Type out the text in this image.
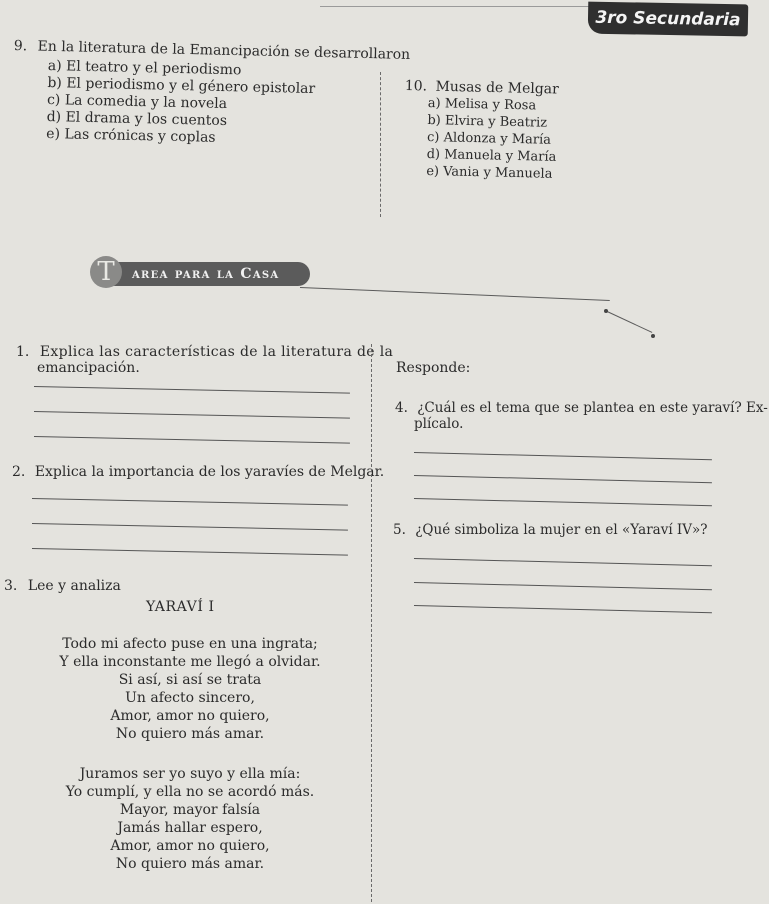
3ro Secundaria
9. En la literatura de la Emancipación se desarrollaron
a) El teatro y el periodismo
b) El periodismo y el género epistolar
c) La comedia y la novela
d) El drama y los cuentos
e) Las crónicas y coplas
10. Musas de Melgar
a) Melisa y Rosa
b) Elvira y Beatriz
c) Aldonza y María
d) Manuela y María
e) Vania y Manuela
area para la Casa
T
1. Explica las características de la literatura de la
emancipación.
2. Explica la importancia de los yaravíes de Melgar.
3. Lee y analiza
YARAVÍ I
Todo mi afecto puse en una ingrata;
Y ella inconstante me llegó a olvidar.
Si así, si así se trata
Un afecto sincero,
Amor, amor no quiero,
No quiero más amar.
Juramos ser yo suyo y ella mía:
Yo cumplí, y ella no se acordó más.
Mayor, mayor falsía
Jamás hallar espero,
Amor, amor no quiero,
No quiero más amar.
Responde:
4. ¿Cuál es el tema que se plantea en este yaraví? Ex-
plícalo.
5. ¿Qué simboliza la mujer en el «Yaraví IV»?
